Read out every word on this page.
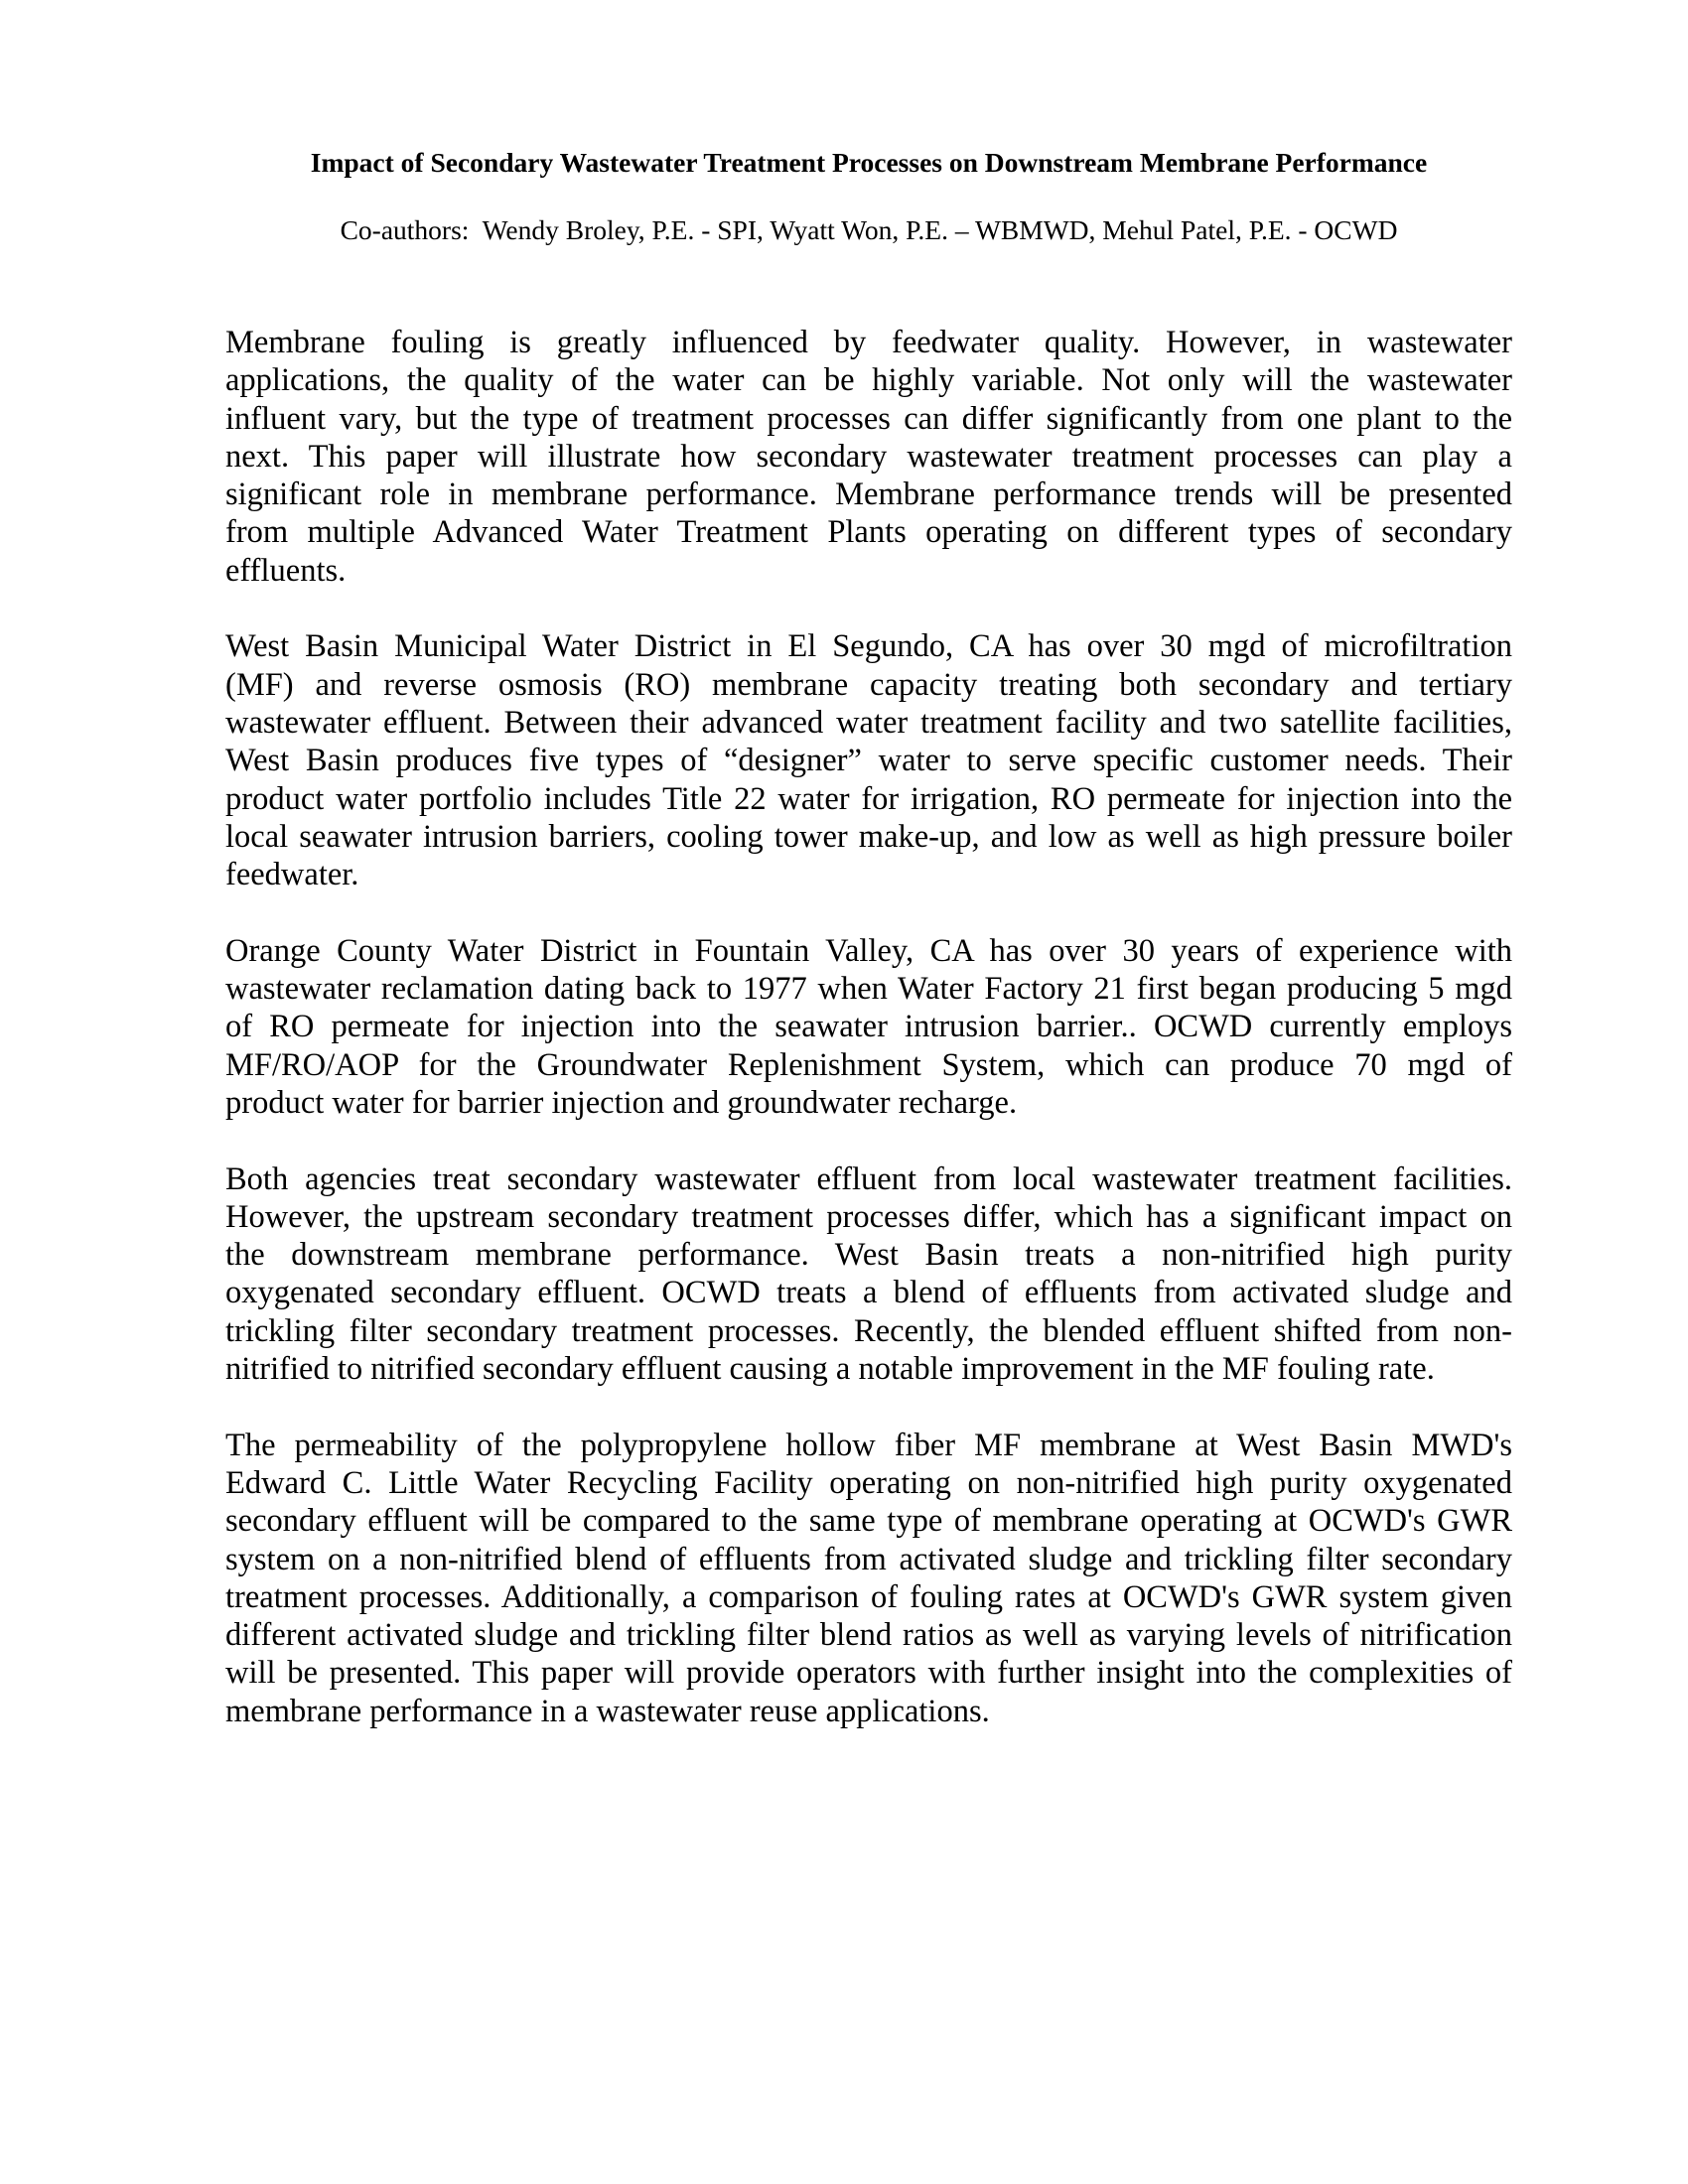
Impact of Secondary Wastewater Treatment Processes on Downstream Membrane Performance
Co-authors:  Wendy Broley, P.E. - SPI, Wyatt Won, P.E. – WBMWD, Mehul Patel, P.E. - OCWD
Membrane fouling is greatly influenced by feedwater quality. However, in wastewater
applications, the quality of the water can be highly variable. Not only will the wastewater
influent vary, but the type of treatment processes can differ significantly from one plant to the
next. This paper will illustrate how secondary wastewater treatment processes can play a
significant role in membrane performance. Membrane performance trends will be presented
from multiple Advanced Water Treatment Plants operating on different types of secondary
effluents.
West Basin Municipal Water District in El Segundo, CA has over 30 mgd of microfiltration
(MF) and reverse osmosis (RO) membrane capacity treating both secondary and tertiary
wastewater effluent. Between their advanced water treatment facility and two satellite facilities,
West Basin produces five types of “designer” water to serve specific customer needs. Their
product water portfolio includes Title 22 water for irrigation, RO permeate for injection into the
local seawater intrusion barriers, cooling tower make-up, and low as well as high pressure boiler
feedwater.
Orange County Water District in Fountain Valley, CA has over 30 years of experience with
wastewater reclamation dating back to 1977 when Water Factory 21 first began producing 5 mgd
of RO permeate for injection into the seawater intrusion barrier.. OCWD currently employs
MF/RO/AOP for the Groundwater Replenishment System, which can produce 70 mgd of
product water for barrier injection and groundwater recharge.
Both agencies treat secondary wastewater effluent from local wastewater treatment facilities.
However, the upstream secondary treatment processes differ, which has a significant impact on
the downstream membrane performance. West Basin treats a non-nitrified high purity
oxygenated secondary effluent. OCWD treats a blend of effluents from activated sludge and
trickling filter secondary treatment processes. Recently, the blended effluent shifted from non-
nitrified to nitrified secondary effluent causing a notable improvement in the MF fouling rate.
The permeability of the polypropylene hollow fiber MF membrane at West Basin MWD's
Edward C. Little Water Recycling Facility operating on non-nitrified high purity oxygenated
secondary effluent will be compared to the same type of membrane operating at OCWD's GWR
system on a non-nitrified blend of effluents from activated sludge and trickling filter secondary
treatment processes. Additionally, a comparison of fouling rates at OCWD's GWR system given
different activated sludge and trickling filter blend ratios as well as varying levels of nitrification
will be presented. This paper will provide operators with further insight into the complexities of
membrane performance in a wastewater reuse applications.
